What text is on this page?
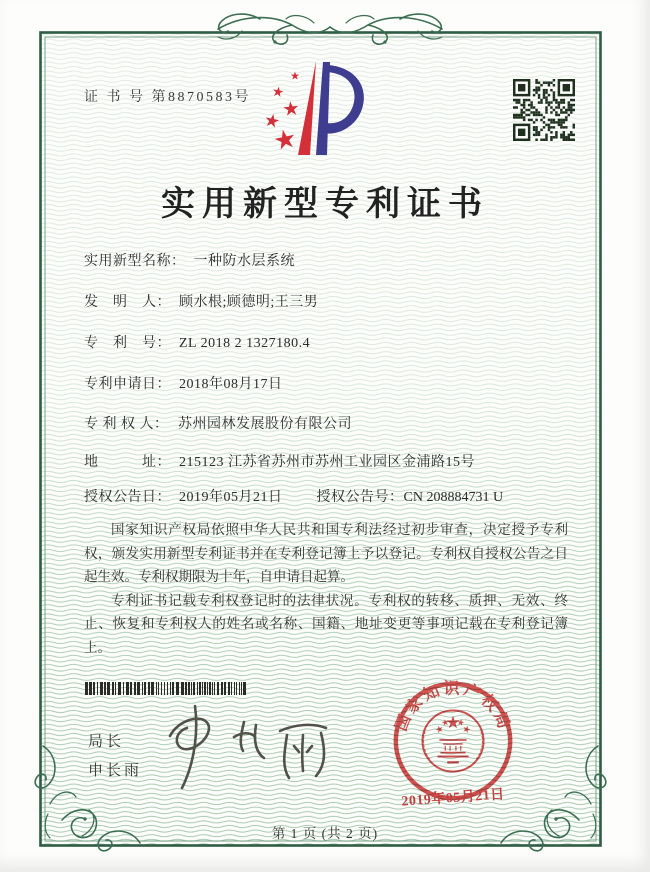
证 书 号 第8870583号
实用新型专利证书
实用新型名称： 一种防水层系统
发　明　人： 顾水根;顾德明;王三男
专　利　号： ZL 2018 2 1327180.4
专利申请日： 2018年08月17日
专 利 权 人： 苏州园林发展股份有限公司
地　　　址： 215123 江苏省苏州市苏州工业园区金浦路15号
授权公告日： 2019年05月21日 授权公告号：CN 208884731 U

国家知识产权局依照中华人民共和国专利法经过初步审查，决定授予专利权，颁发实用新型专利证书并在专利登记簿上予以登记。专利权自授权公告之日起生效。专利权期限为十年，自申请日起算。

专利证书记载专利权登记时的法律状况。专利权的转移、质押、无效、终止、恢复和专利权人的姓名或名称、国籍、地址变更等事项记载在专利登记簿上。

局长
申长雨
国家知识产权局
2019年05月21日
第 1 页 (共 2 页)
